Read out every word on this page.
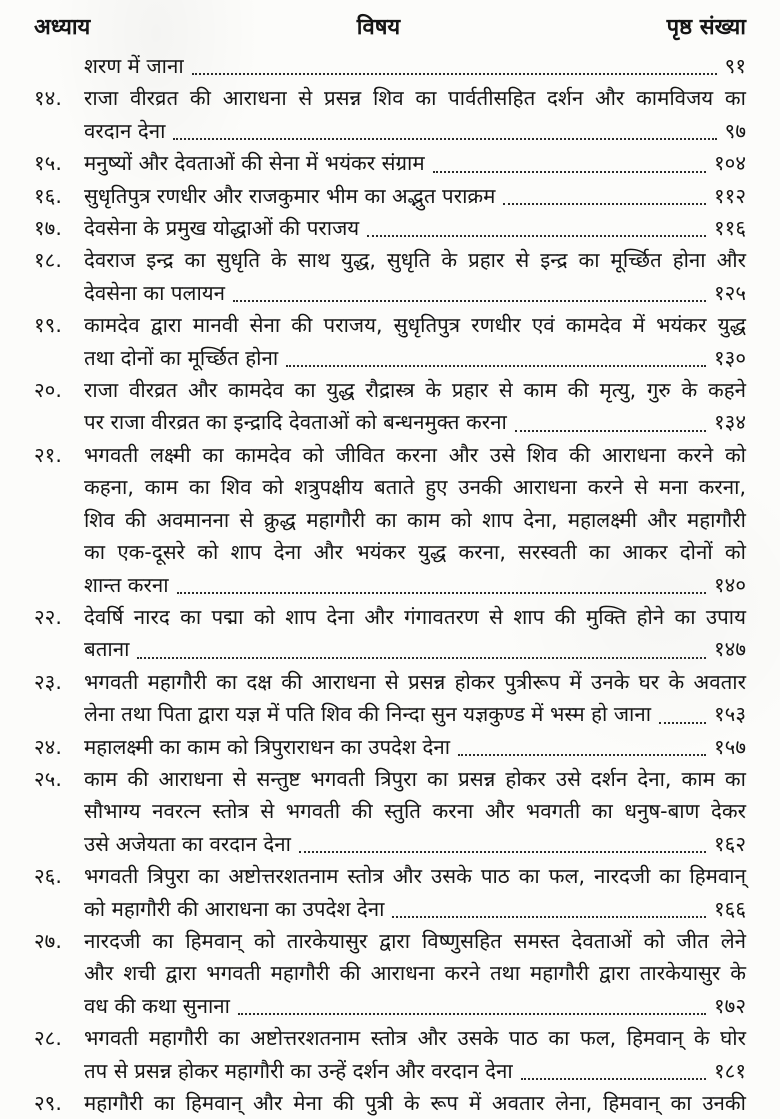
अध्याय	विषय	पृष्ठ संख्या
शरण में जाना	९१
१४.	राजा वीरव्रत की आराधना से प्रसन्न शिव का पार्वतीसहित दर्शन और कामविजय का
वरदान देना	९७
१५.	मनुष्यों और देवताओं की सेना में भयंकर संग्राम	१०४
१६.	सुधृतिपुत्र रणधीर और राजकुमार भीम का अद्भुत पराक्रम	११२
१७.	देवसेना के प्रमुख योद्धाओं की पराजय	११६
१८.	देवराज इन्द्र का सुधृति के साथ युद्ध, सुधृति के प्रहार से इन्द्र का मूर्च्छित होना और
देवसेना का पलायन	१२५
१९.	कामदेव द्वारा मानवी सेना की पराजय, सुधृतिपुत्र रणधीर एवं कामदेव में भयंकर युद्ध
तथा दोनों का मूर्च्छित होना	१३०
२०.	राजा वीरव्रत और कामदेव का युद्ध रौद्रास्त्र के प्रहार से काम की मृत्यु, गुरु के कहने
पर राजा वीरव्रत का इन्द्रादि देवताओं को बन्धनमुक्त करना	१३४
२१.	भगवती लक्ष्मी का कामदेव को जीवित करना और उसे शिव की आराधना करने को
कहना, काम का शिव को शत्रुपक्षीय बताते हुए उनकी आराधना करने से मना करना,
शिव की अवमानना से क्रुद्ध महागौरी का काम को शाप देना, महालक्ष्मी और महागौरी
का एक-दूसरे को शाप देना और भयंकर युद्ध करना, सरस्वती का आकर दोनों को
शान्त करना	१४०
२२.	देवर्षि नारद का पद्मा को शाप देना और गंगावतरण से शाप की मुक्ति होने का उपाय
बताना	१४७
२३.	भगवती महागौरी का दक्ष की आराधना से प्रसन्न होकर पुत्रीरूप में उनके घर के अवतार
लेना तथा पिता द्वारा यज्ञ में पति शिव की निन्दा सुन यज्ञकुण्ड में भस्म हो जाना	१५३
२४.	महालक्ष्मी का काम को त्रिपुराराधन का उपदेश देना	१५७
२५.	काम की आराधना से सन्तुष्ट भगवती त्रिपुरा का प्रसन्न होकर उसे दर्शन देना, काम का
सौभाग्य नवरत्न स्तोत्र से भगवती की स्तुति करना और भवगती का धनुष-बाण देकर
उसे अजेयता का वरदान देना	१६२
२६.	भगवती त्रिपुरा का अष्टोत्तरशतनाम स्तोत्र और उसके पाठ का फल, नारदजी का हिमवान्
को महागौरी की आराधना का उपदेश देना	१६६
२७.	नारदजी का हिमवान् को तारकेयासुर द्वारा विष्णुसहित समस्त देवताओं को जीत लेने
और शची द्वारा भगवती महागौरी की आराधना करने तथा महागौरी द्वारा तारकेयासुर के
वध की कथा सुनाना	१७२
२८.	भगवती महागौरी का अष्टोत्तरशतनाम स्तोत्र और उसके पाठ का फल, हिमवान् के घोर
तप से प्रसन्न होकर महागौरी का उन्हें दर्शन और वरदान देना	१८१
२९.	महागौरी का हिमवान् और मेना की पुत्री के रूप में अवतार लेना, हिमवान् का उनकी
